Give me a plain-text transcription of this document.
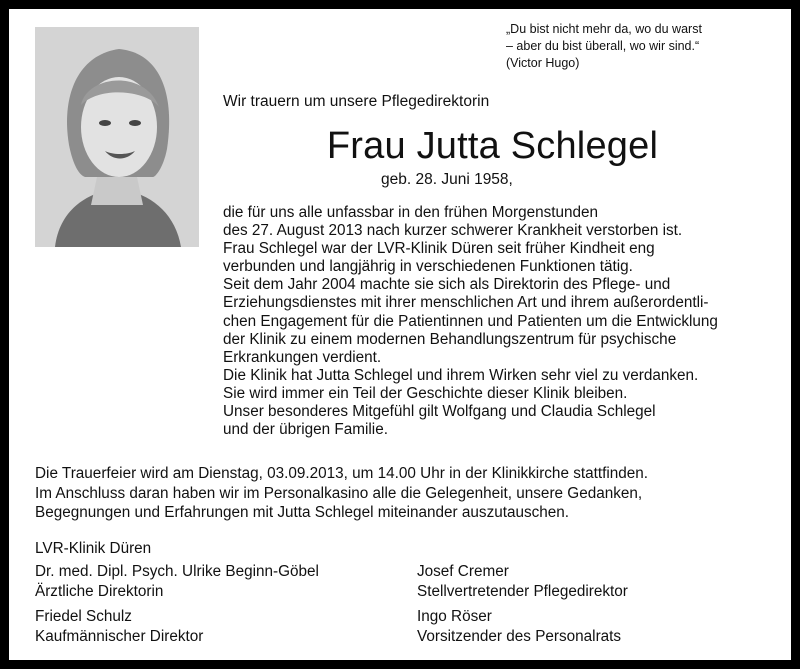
„Du bist nicht mehr da, wo du warst
– aber du bist überall, wo wir sind.“
(Victor Hugo)
Wir trauern um unsere Pflegedirektorin
Frau Jutta Schlegel
geb. 28. Juni 1958,
die für uns alle unfassbar in den frühen Morgenstunden
des 27. August 2013 nach kurzer schwerer Krankheit verstorben ist.
Frau Schlegel war der LVR-Klinik Düren seit früher Kindheit eng
verbunden und langjährig in verschiedenen Funktionen tätig.
Seit dem Jahr 2004 machte sie sich als Direktorin des Pflege- und
Erziehungsdienstes mit ihrer menschlichen Art und ihrem außerordentli-
chen Engagement für die Patientinnen und Patienten um die Entwicklung
der Klinik zu einem modernen Behandlungszentrum für psychische
Erkrankungen verdient.
Die Klinik hat Jutta Schlegel und ihrem Wirken sehr viel zu verdanken.
Sie wird immer ein Teil der Geschichte dieser Klinik bleiben.
Unser besonderes Mitgefühl gilt Wolfgang und Claudia Schlegel
und der übrigen Familie.
Die Trauerfeier wird am Dienstag, 03.09.2013, um 14.00 Uhr in der Klinikkirche stattfinden.
Im Anschluss daran haben wir im Personalkasino alle die Gelegenheit, unsere Gedanken,
Begegnungen und Erfahrungen mit Jutta Schlegel miteinander auszutauschen.
LVR-Klinik Düren
Dr. med. Dipl. Psych. Ulrike Beginn-Göbel
Ärztliche Direktorin
Josef Cremer
Stellvertretender Pflegedirektor
Friedel Schulz
Kaufmännischer Direktor
Ingo Röser
Vorsitzender des Personalrats
